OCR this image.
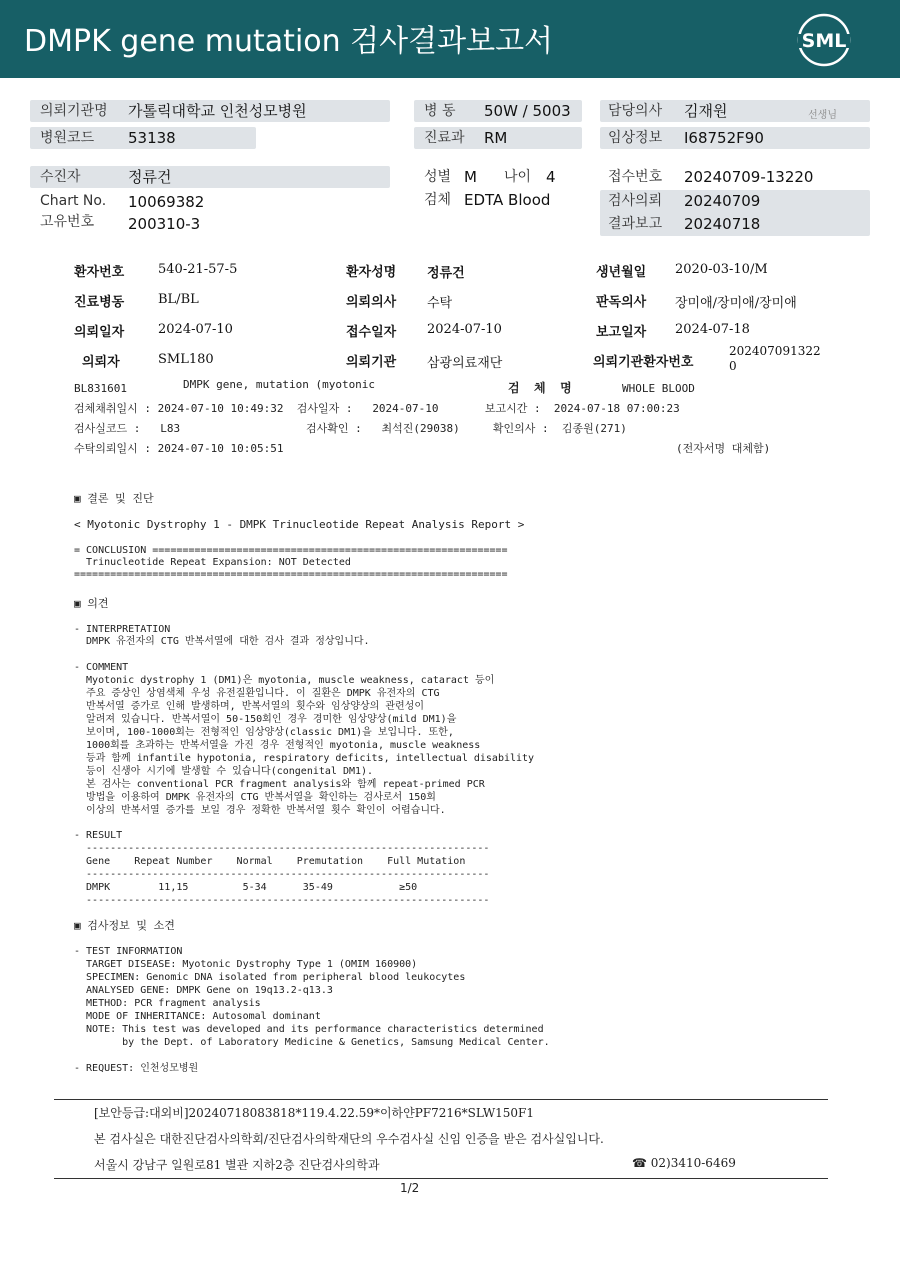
DMPK gene mutation 검사결과보고서	SML
의뢰기관명 가톨릭대학교 인천성모병원
병원코드 53138
병 동 50W / 5003
진료과 RM
담당의사 김재원	선생님
임상정보 I68752F90
수진자	정류건
Chart No. 10069382
고유번호 200310-3
성별 M 나이 4
검체 EDTA Blood
접수번호 20240709-13220
검사의뢰 20240709
결과보고 20240718
환자번호	540-21-57-5	환자성명 정류건	생년월일 2020-03-10/M
진료병동	BL/BL	의뢰의사 수탁	판독의사 장미애/장미애/장미애
의뢰일자	2024-07-10	접수일자 2024-07-10	보고일자 2024-07-18
의뢰자	SML180	의뢰기관 삼광의료재단	의뢰기관환자번호
202407091322
0
BL831601	DMPK gene, mutation (myotonic	검  체  명	WHOLE BLOOD
검체채취일시 : 2024-07-10 10:49:32  검사일자 :   2024-07-10       보고시간 :  2024-07-18 07:00:23
검사실코드 :   L83                   검사확인 :   최석진(29038)     확인의사 :  김종원(271)
수탁의뢰일시 : 2024-07-10 10:05:51	(전자서명 대체함)
▣ 결론 및 진단
< Myotonic Dystrophy 1 - DMPK Trinucleotide Repeat Analysis Report >
= CONCLUSION ===========================================================
Trinucleotide Repeat Expansion: NOT Detected
========================================================================
▣ 의견
- INTERPRETATION
DMPK 유전자의 CTG 반복서열에 대한 검사 결과 정상입니다.
- COMMENT
Myotonic dystrophy 1 (DM1)은 myotonia, muscle weakness, cataract 등이
주요 증상인 상염색체 우성 유전질환입니다. 이 질환은 DMPK 유전자의 CTG
반복서열 증가로 인해 발생하며, 반복서열의 횟수와 임상양상의 관련성이
알려져 있습니다. 반복서열이 50-150회인 경우 경미한 임상양상(mild DM1)을
보이며, 100-1000회는 전형적인 임상양상(classic DM1)을 보입니다. 또한,
1000회를 초과하는 반복서열을 가진 경우 전형적인 myotonia, muscle weakness
등과 함께 infantile hypotonia, respiratory deficits, intellectual disability
등이 신생아 시기에 발생할 수 있습니다(congenital DM1).
본 검사는 conventional PCR fragment analysis와 함께 repeat-primed PCR
방법을 이용하여 DMPK 유전자의 CTG 반복서열을 확인하는 검사로서 150회
이상의 반복서열 증가를 보일 경우 정확한 반복서열 횟수 확인이 어렵습니다.
- RESULT
-------------------------------------------------------------------
Gene    Repeat Number    Normal    Premutation    Full Mutation
-------------------------------------------------------------------
DMPK        11,15         5-34      35-49           ≥50
-------------------------------------------------------------------
▣ 검사정보 및 소견
- TEST INFORMATION
TARGET DISEASE: Myotonic Dystrophy Type 1 (OMIM 160900)
SPECIMEN: Genomic DNA isolated from peripheral blood leukocytes
ANALYSED GENE: DMPK Gene on 19q13.2-q13.3
METHOD: PCR fragment analysis
MODE OF INHERITANCE: Autosomal dominant
NOTE: This test was developed and its performance characteristics determined
by the Dept. of Laboratory Medicine & Genetics, Samsung Medical Center.
- REQUEST: 인천성모병원
[보안등급:대외비]20240718083818*119.4.22.59*이하얀PF7216*SLW150F1
본 검사실은 대한진단검사의학회/진단검사의학재단의 우수검사실 신임 인증을 받은 검사실입니다.
서울시 강남구 일원로81 별관 지하2층 진단검사의학과	☎ 02)3410-6469
1/2
